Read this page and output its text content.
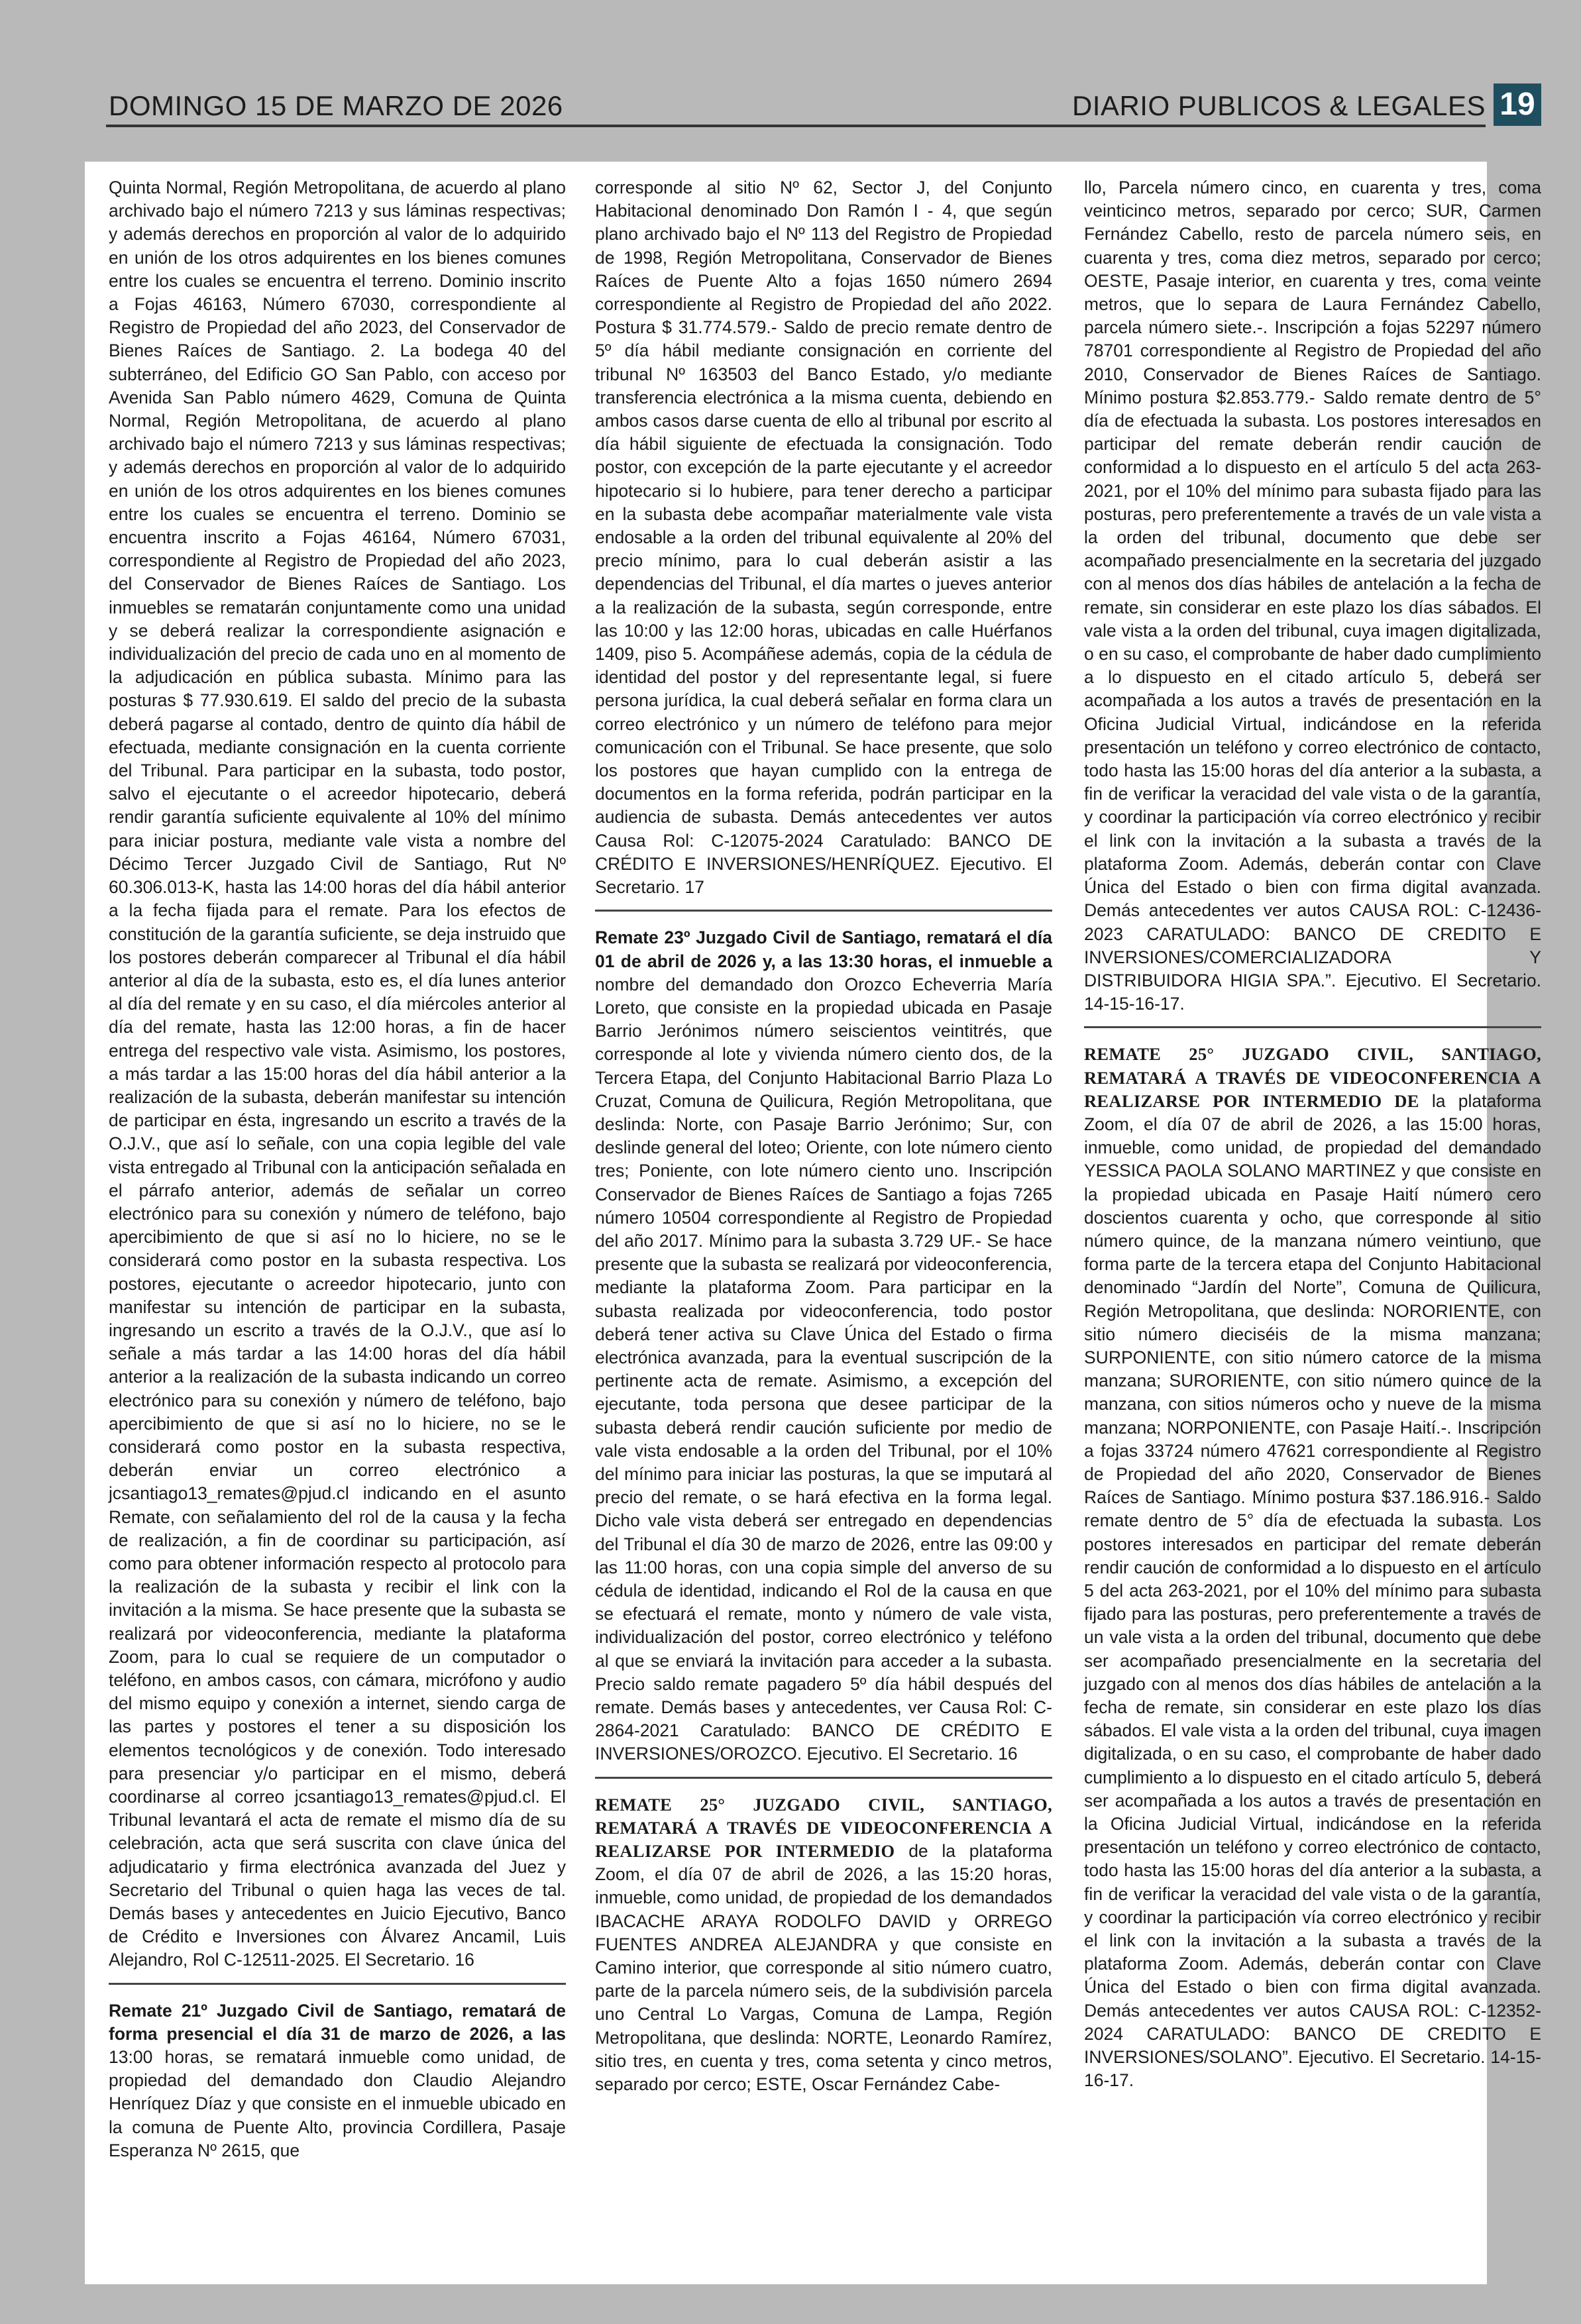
DOMINGO 15 DE MARZO DE 2026	DIARIO PUBLICOS & LEGALES 19

Quinta Normal, Región Metropolitana, de acuerdo al plano archivado bajo el número 7213 y sus láminas respectivas; y además derechos en proporción al valor de lo adquirido en unión de los otros adquirentes en los bienes comunes entre los cuales se encuentra el terreno. Dominio inscrito a Fojas 46163, Número 67030, correspondiente al Registro de Propiedad del año 2023, del Conservador de Bienes Raíces de Santiago. 2. La bodega 40 del subterráneo, del Edificio GO San Pablo, con acceso por Avenida San Pablo número 4629, Comuna de Quinta Normal, Región Metropolitana, de acuerdo al plano archivado bajo el número 7213 y sus láminas respectivas; y además derechos en proporción al valor de lo adquirido en unión de los otros adquirentes en los bienes comunes entre los cuales se encuentra el terreno. Dominio se encuentra inscrito a Fojas 46164, Número 67031, correspondiente al Registro de Propiedad del año 2023, del Conservador de Bienes Raíces de Santiago. Los inmuebles se rematarán conjuntamente como una unidad y se deberá realizar la correspondiente asignación e individualización del precio de cada uno en al momento de la adjudicación en pública subasta. Mínimo para las posturas $ 77.930.619. El saldo del precio de la subasta deberá pagarse al contado, dentro de quinto día hábil de efectuada, mediante consignación en la cuenta corriente del Tribunal. Para participar en la subasta, todo postor, salvo el ejecutante o el acreedor hipotecario, deberá rendir garantía suficiente equivalente al 10% del mínimo para iniciar postura, mediante vale vista a nombre del Décimo Tercer Juzgado Civil de Santiago, Rut Nº 60.306.013-K, hasta las 14:00 horas del día hábil anterior a la fecha fijada para el remate. Para los efectos de constitución de la garantía suficiente, se deja instruido que los postores deberán comparecer al Tribunal el día hábil anterior al día de la subasta, esto es, el día lunes anterior al día del remate y en su caso, el día miércoles anterior al día del remate, hasta las 12:00 horas, a fin de hacer entrega del respectivo vale vista. Asimismo, los postores, a más tardar a las 15:00 horas del día hábil anterior a la realización de la subasta, deberán manifestar su intención de participar en ésta, ingresando un escrito a través de la O.J.V., que así lo señale, con una copia legible del vale vista entregado al Tribunal con la anticipación señalada en el párrafo anterior, además de señalar un correo electrónico para su conexión y número de teléfono, bajo apercibimiento de que si así no lo hiciere, no se le considerará como postor en la subasta respectiva. Los postores, ejecutante o acreedor hipotecario, junto con manifestar su intención de participar en la subasta, ingresando un escrito a través de la O.J.V., que así lo señale a más tardar a las 14:00 horas del día hábil anterior a la realización de la subasta indicando un correo electrónico para su conexión y número de teléfono, bajo apercibimiento de que si así no lo hiciere, no se le considerará como postor en la subasta respectiva, deberán enviar un correo electrónico a jcsantiago13_remates@pjud.cl indicando en el asunto Remate, con señalamiento del rol de la causa y la fecha de realización, a fin de coordinar su participación, así como para obtener información respecto al protocolo para la realización de la subasta y recibir el link con la invitación a la misma. Se hace presente que la subasta se realizará por videoconferencia, mediante la plataforma Zoom, para lo cual se requiere de un computador o teléfono, en ambos casos, con cámara, micrófono y audio del mismo equipo y conexión a internet, siendo carga de las partes y postores el tener a su disposición los elementos tecnológicos y de conexión. Todo interesado para presenciar y/o participar en el mismo, deberá coordinarse al correo jcsantiago13_remates@pjud.cl. El Tribunal levantará el acta de remate el mismo día de su celebración, acta que será suscrita con clave única del adjudicatario y firma electrónica avanzada del Juez y Secretario del Tribunal o quien haga las veces de tal. Demás bases y antecedentes en Juicio Ejecutivo, Banco de Crédito e Inversiones con Álvarez Ancamil, Luis Alejandro, Rol C-12511-2025. El Secretario. 16

Remate 21º Juzgado Civil de Santiago, rematará de forma presencial el día 31 de marzo de 2026, a las 13:00 horas, se rematará inmueble como unidad, de propiedad del demandado don Claudio Alejandro Henríquez Díaz y que consiste en el inmueble ubicado en la comuna de Puente Alto, provincia Cordillera, Pasaje Esperanza Nº 2615, que

corresponde al sitio Nº 62, Sector J, del Conjunto Habitacional denominado Don Ramón I - 4, que según plano archivado bajo el Nº 113 del Registro de Propiedad de 1998, Región Metropolitana, Conservador de Bienes Raíces de Puente Alto a fojas 1650 número 2694 correspondiente al Registro de Propiedad del año 2022. Postura $ 31.774.579.- Saldo de precio remate dentro de 5º día hábil mediante consignación en corriente del tribunal Nº 163503 del Banco Estado, y/o mediante transferencia electrónica a la misma cuenta, debiendo en ambos casos darse cuenta de ello al tribunal por escrito al día hábil siguiente de efectuada la consignación. Todo postor, con excepción de la parte ejecutante y el acreedor hipotecario si lo hubiere, para tener derecho a participar en la subasta debe acompañar materialmente vale vista endosable a la orden del tribunal equivalente al 20% del precio mínimo, para lo cual deberán asistir a las dependencias del Tribunal, el día martes o jueves anterior a la realización de la subasta, según corresponde, entre las 10:00 y las 12:00 horas, ubicadas en calle Huérfanos 1409, piso 5. Acompáñese además, copia de la cédula de identidad del postor y del representante legal, si fuere persona jurídica, la cual deberá señalar en forma clara un correo electrónico y un número de teléfono para mejor comunicación con el Tribunal. Se hace presente, que solo los postores que hayan cumplido con la entrega de documentos en la forma referida, podrán participar en la audiencia de subasta. Demás antecedentes ver autos Causa Rol: C-12075-2024 Caratulado: BANCO DE CRÉDITO E INVERSIONES/HENRÍQUEZ. Ejecutivo. El Secretario. 17

Remate 23º Juzgado Civil de Santiago, rematará el día 01 de abril de 2026 y, a las 13:30 horas, el inmueble a nombre del demandado don Orozco Echeverria María Loreto, que consiste en la propiedad ubicada en Pasaje Barrio Jerónimos número seiscientos veintitrés, que corresponde al lote y vivienda número ciento dos, de la Tercera Etapa, del Conjunto Habitacional Barrio Plaza Lo Cruzat, Comuna de Quilicura, Región Metropolitana, que deslinda: Norte, con Pasaje Barrio Jerónimo; Sur, con deslinde general del loteo; Oriente, con lote número ciento tres; Poniente, con lote número ciento uno. Inscripción Conservador de Bienes Raíces de Santiago a fojas 7265 número 10504 correspondiente al Registro de Propiedad del año 2017. Mínimo para la subasta 3.729 UF.- Se hace presente que la subasta se realizará por videoconferencia, mediante la plataforma Zoom. Para participar en la subasta realizada por videoconferencia, todo postor deberá tener activa su Clave Única del Estado o firma electrónica avanzada, para la eventual suscripción de la pertinente acta de remate. Asimismo, a excepción del ejecutante, toda persona que desee participar de la subasta deberá rendir caución suficiente por medio de vale vista endosable a la orden del Tribunal, por el 10% del mínimo para iniciar las posturas, la que se imputará al precio del remate, o se hará efectiva en la forma legal. Dicho vale vista deberá ser entregado en dependencias del Tribunal el día 30 de marzo de 2026, entre las 09:00 y las 11:00 horas, con una copia simple del anverso de su cédula de identidad, indicando el Rol de la causa en que se efectuará el remate, monto y número de vale vista, individualización del postor, correo electrónico y teléfono al que se enviará la invitación para acceder a la subasta. Precio saldo remate pagadero 5º día hábil después del remate. Demás bases y antecedentes, ver Causa Rol: C-2864-2021 Caratulado: BANCO DE CRÉDITO E INVERSIONES/OROZCO. Ejecutivo. El Secretario. 16

REMATE 25° JUZGADO CIVIL, SANTIAGO, REMATARÁ A TRAVÉS DE VIDEOCONFERENCIA A REALIZARSE POR INTERMEDIO de la plataforma Zoom, el día 07 de abril de 2026, a las 15:20 horas, inmueble, como unidad, de propiedad de los demandados IBACACHE ARAYA RODOLFO DAVID y ORREGO FUENTES ANDREA ALEJANDRA y que consiste en Camino interior, que corresponde al sitio número cuatro, parte de la parcela número seis, de la subdivisión parcela uno Central Lo Vargas, Comuna de Lampa, Región Metropolitana, que deslinda: NORTE, Leonardo Ramírez, sitio tres, en cuenta y tres, coma setenta y cinco metros, separado por cerco; ESTE, Oscar Fernández Cabe-

llo, Parcela número cinco, en cuarenta y tres, coma veinticinco metros, separado por cerco; SUR, Carmen Fernández Cabello, resto de parcela número seis, en cuarenta y tres, coma diez metros, separado por cerco; OESTE, Pasaje interior, en cuarenta y tres, coma veinte metros, que lo separa de Laura Fernández Cabello, parcela número siete.-. Inscripción a fojas 52297 número 78701 correspondiente al Registro de Propiedad del año 2010, Conservador de Bienes Raíces de Santiago. Mínimo postura $2.853.779.- Saldo remate dentro de 5° día de efectuada la subasta. Los postores interesados en participar del remate deberán rendir caución de conformidad a lo dispuesto en el artículo 5 del acta 263-2021, por el 10% del mínimo para subasta fijado para las posturas, pero preferentemente a través de un vale vista a la orden del tribunal, documento que debe ser acompañado presencialmente en la secretaria del juzgado con al menos dos días hábiles de antelación a la fecha de remate, sin considerar en este plazo los días sábados. El vale vista a la orden del tribunal, cuya imagen digitalizada, o en su caso, el comprobante de haber dado cumplimiento a lo dispuesto en el citado artículo 5, deberá ser acompañada a los autos a través de presentación en la Oficina Judicial Virtual, indicándose en la referida presentación un teléfono y correo electrónico de contacto, todo hasta las 15:00 horas del día anterior a la subasta, a fin de verificar la veracidad del vale vista o de la garantía, y coordinar la participación vía correo electrónico y recibir el link con la invitación a la subasta a través de la plataforma Zoom. Además, deberán contar con Clave Única del Estado o bien con firma digital avanzada. Demás antecedentes ver autos CAUSA ROL: C-12436-2023 CARATULADO: BANCO DE CREDITO E INVERSIONES/COMERCIALIZADORA Y DISTRIBUIDORA HIGIA SPA.”. Ejecutivo. El Secretario. 14-15-16-17.

REMATE 25° JUZGADO CIVIL, SANTIAGO, REMATARÁ A TRAVÉS DE VIDEOCONFERENCIA A REALIZARSE POR INTERMEDIO DE la plataforma Zoom, el día 07 de abril de 2026, a las 15:00 horas, inmueble, como unidad, de propiedad del demandado YESSICA PAOLA SOLANO MARTINEZ y que consiste en la propiedad ubicada en Pasaje Haití número cero doscientos cuarenta y ocho, que corresponde al sitio número quince, de la manzana número veintiuno, que forma parte de la tercera etapa del Conjunto Habitacional denominado “Jardín del Norte”, Comuna de Quilicura, Región Metropolitana, que deslinda: NORORIENTE, con sitio número dieciséis de la misma manzana; SURPONIENTE, con sitio número catorce de la misma manzana; SURORIENTE, con sitio número quince de la manzana, con sitios números ocho y nueve de la misma manzana; NORPONIENTE, con Pasaje Haití.-. Inscripción a fojas 33724 número 47621 correspondiente al Registro de Propiedad del año 2020, Conservador de Bienes Raíces de Santiago. Mínimo postura $37.186.916.- Saldo remate dentro de 5° día de efectuada la subasta. Los postores interesados en participar del remate deberán rendir caución de conformidad a lo dispuesto en el artículo 5 del acta 263-2021, por el 10% del mínimo para subasta fijado para las posturas, pero preferentemente a través de un vale vista a la orden del tribunal, documento que debe ser acompañado presencialmente en la secretaria del juzgado con al menos dos días hábiles de antelación a la fecha de remate, sin considerar en este plazo los días sábados. El vale vista a la orden del tribunal, cuya imagen digitalizada, o en su caso, el comprobante de haber dado cumplimiento a lo dispuesto en el citado artículo 5, deberá ser acompañada a los autos a través de presentación en la Oficina Judicial Virtual, indicándose en la referida presentación un teléfono y correo electrónico de contacto, todo hasta las 15:00 horas del día anterior a la subasta, a fin de verificar la veracidad del vale vista o de la garantía, y coordinar la participación vía correo electrónico y recibir el link con la invitación a la subasta a través de la plataforma Zoom. Además, deberán contar con Clave Única del Estado o bien con firma digital avanzada. Demás antecedentes ver autos CAUSA ROL: C-12352-2024 CARATULADO: BANCO DE CREDITO E INVERSIONES/SOLANO”. Ejecutivo. El Secretario. 14-15-16-17.
